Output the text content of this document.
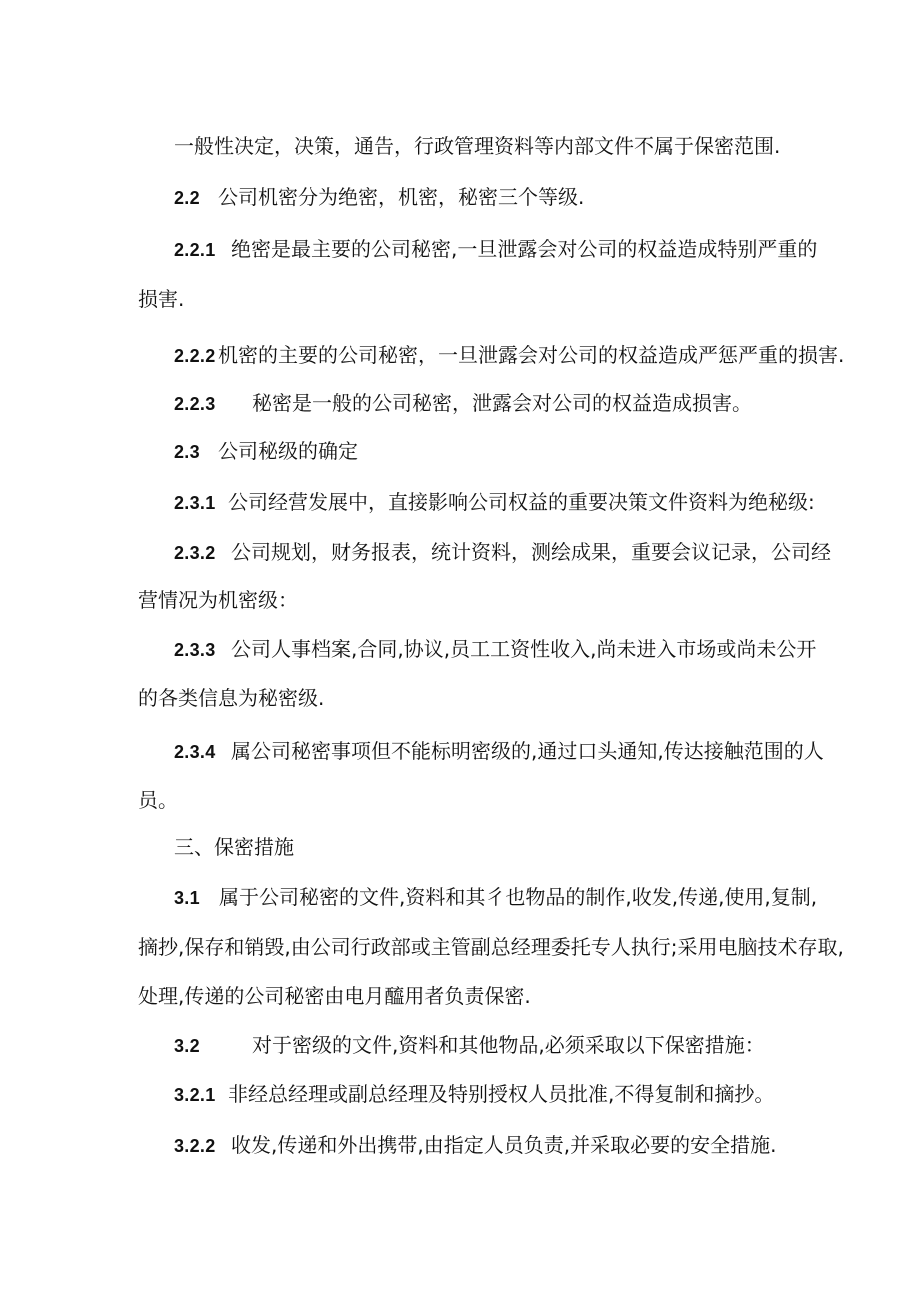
一般性决定，决策，通告，行政管理资料等内部文件不属于保密范围.
2.2 公司机密分为绝密，机密，秘密三个等级.
2.2.1 绝密是最主要的公司秘密,一旦泄露会对公司的权益造成特别严重的
损害.
2.2.2 机密的主要的公司秘密，一旦泄露会对公司的权益造成严惩严重的损害.
2.2.3 秘密是一般的公司秘密，泄露会对公司的权益造成损害。
2.3 公司秘级的确定
2.3.1 公司经营发展中，直接影响公司权益的重要决策文件资料为绝秘级:
2.3.2 公司规划，财务报表，统计资料，测绘成果，重要会议记录，公司经
营情况为机密级：
2.3.3 公司人事档案,合同,协议,员工工资性收入,尚未进入市场或尚未公开
的各类信息为秘密级.
2.3.4 属公司秘密事项但不能标明密级的,通过口头通知,传达接触范围的人
员。
三、保密措施
3.1 属于公司秘密的文件,资料和其彳也物品的制作,收发,传递,使用,复制,
摘抄,保存和销毁,由公司行政部或主管副总经理委托专人执行;采用电脑技术存取,
处理,传递的公司秘密由电月醯用者负责保密.
3.2	对于密级的文件,资料和其他物品,必须采取以下保密措施：
3.2.1 非经总经理或副总经理及特别授权人员批准,不得复制和摘抄。
3.2.2 收发,传递和外出携带,由指定人员负责,并采取必要的安全措施.
